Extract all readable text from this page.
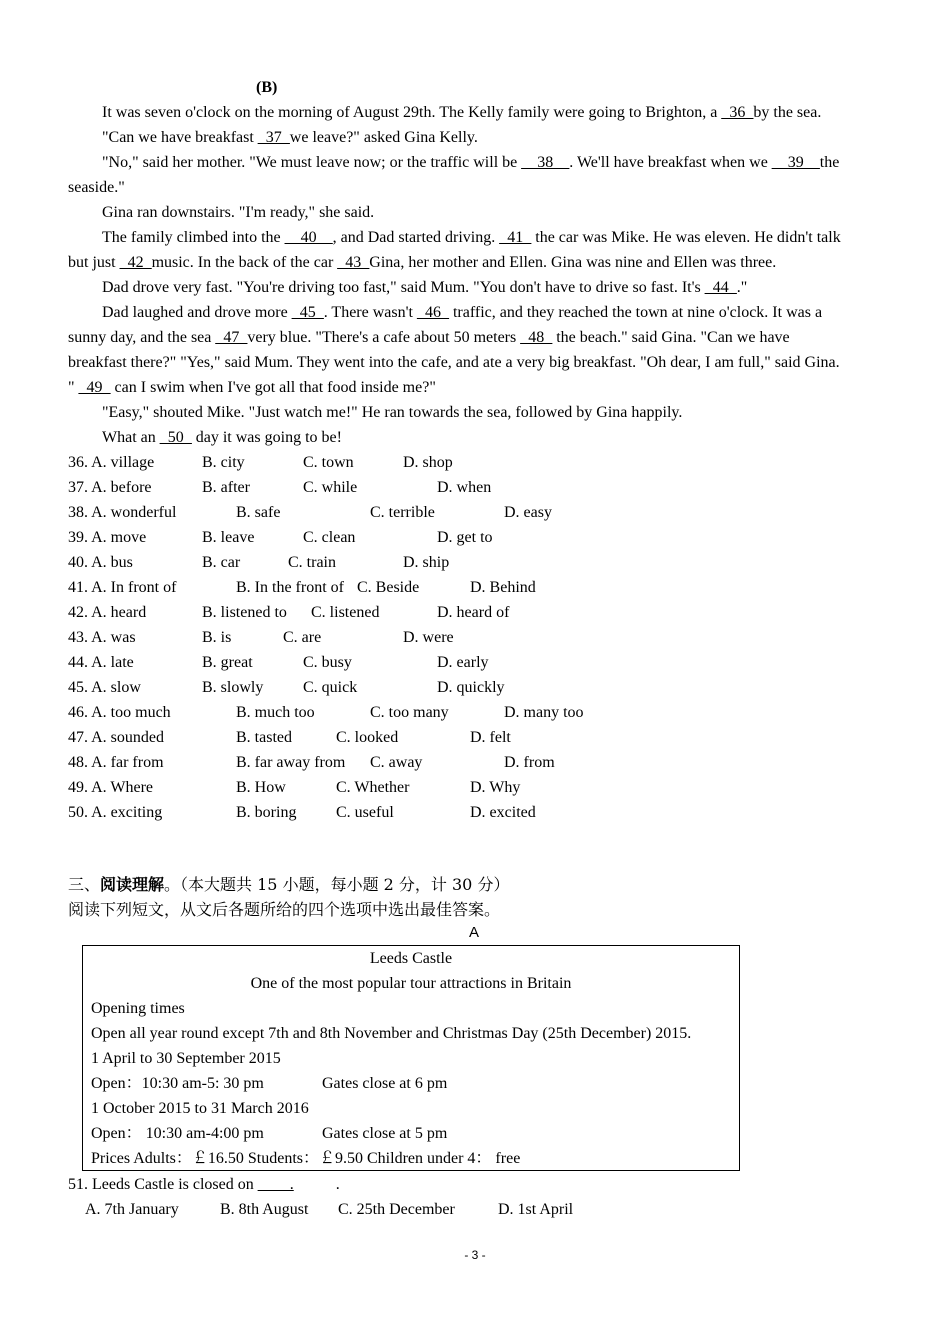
(B)
It was seven o'clock on the morning of August 29th. The Kelly family were going to Brighton, a _36_by the sea.
"Can we have breakfast _37_we leave?" asked Gina Kelly.
"No," said her mother. "We must leave now; or the traffic will be __38__. We'll have breakfast when we __39__the
seaside."
Gina ran downstairs. "I'm ready," she said.
The family climbed into the __40__, and Dad started driving. _41_ the car was Mike. He was eleven. He didn't talk
but just _42_music. In the back of the car _43_Gina, her mother and Ellen. Gina was nine and Ellen was three.
Dad drove very fast. "You're driving too fast," said Mum. "You don't have to drive so fast. It's _44_."
Dad laughed and drove more _45_. There wasn't _46_ traffic, and they reached the town at nine o'clock. It was a
sunny day, and the sea _47_very blue. "There's a cafe about 50 meters _48_ the beach." said Gina. "Can we have
breakfast there?" "Yes," said Mum. They went into the cafe, and ate a very big breakfast. "Oh dear, I am full," said Gina.
" _49_ can I swim when I've got all that food inside me?"
"Easy," shouted Mike. "Just watch me!" He ran towards the sea, followed by Gina happily.
What an _50_ day it was going to be!
36. A. village	B. city	C. town	D. shop
37. A. before	B. after	C. while	D. when
38. A. wonderful	B. safe	C. terrible	D. easy
39. A. move	B. leave	C. clean	D. get to
40. A. bus	B. car	C. train	D. ship
41. A. In front of	B. In the front of C. Beside	D. Behind
42. A. heard	B. listened to C. listened	D. heard of
43. A. was	B. is	C. are	D. were
44. A. late	B. great	C. busy	D. early
45. A. slow	B. slowly C. quick	D. quickly
46. A. too much	B. much too	C. too many	D. many too
47. A. sounded	B. tasted	C. looked	D. felt
48. A. far from	B. far away from C. away	D. from
49. A. Where	B. How	C. Whether	D. Why
50. A. exciting	B. boring C. useful	D. excited
三、阅读理解。（本大题共 15 小题，每小题 2 分，计 30 分）
阅读下列短文，从文后各题所给的四个选项中选出最佳答案。
A
Leeds Castle
One of the most popular tour attractions in Britain
Opening times
Open all year round except 7th and 8th November and Christmas Day (25th December) 2015.
1 April to 30 September 2015
Open：10:30 am-5: 30 pm	Gates close at 6 pm
1 October 2015 to 31 March 2016
Open： 10:30 am-4:00 pm	Gates close at 5 pm
Prices Adults：￡16.50 Students：￡9.50 Children under 4： free
51. Leeds Castle is closed on ____.	.
A. 7th January	B. 8th August C. 25th December	D. 1st April
- 3 -
